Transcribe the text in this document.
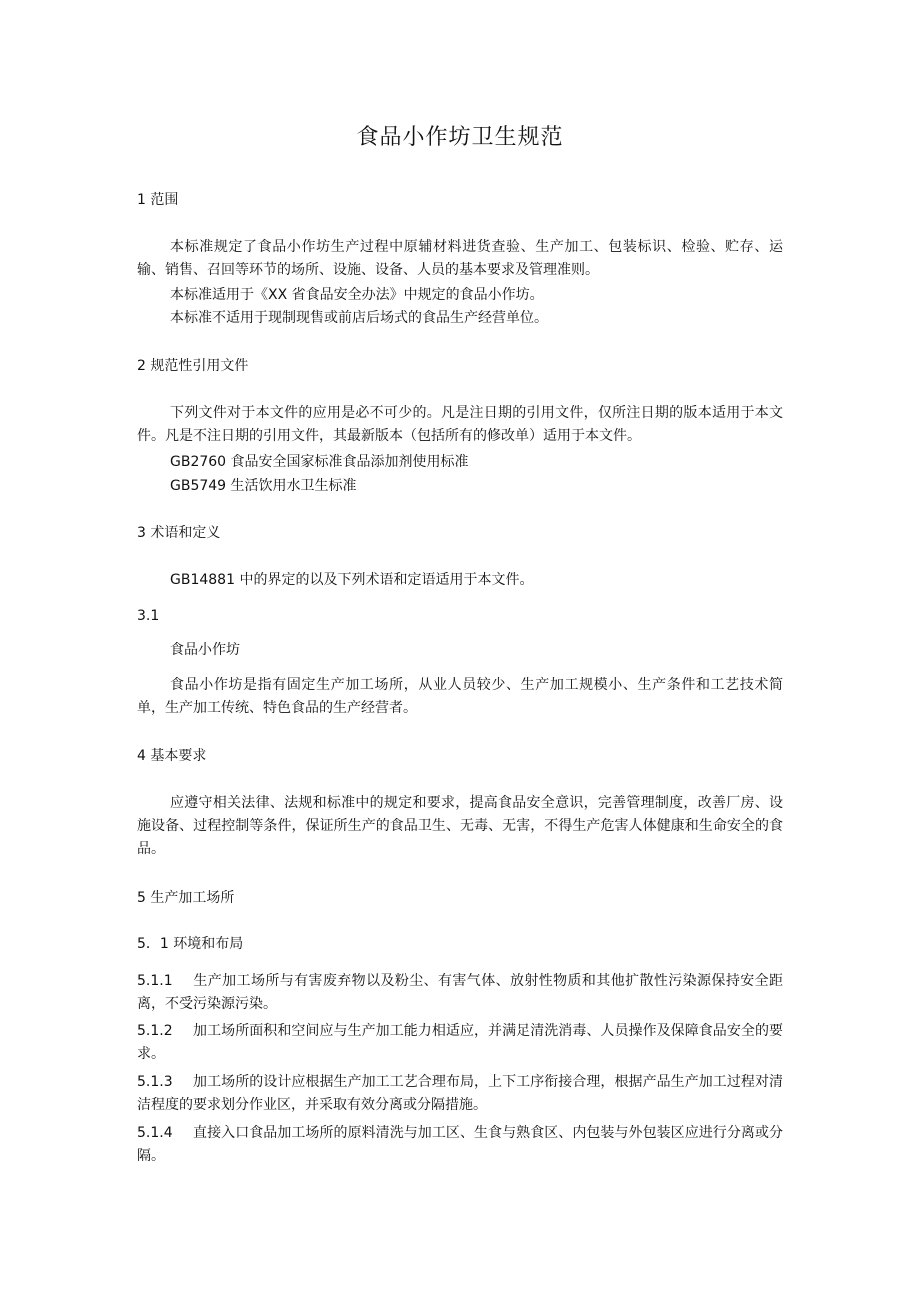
食品小作坊卫生规范
1 范围
本标准规定了食品小作坊生产过程中原辅材料进货查验、生产加工、包装标识、检验、贮存、运输、销售、召回等环节的场所、设施、设备、人员的基本要求及管理准则。
本标准适用于《XX 省食品安全办法》中规定的食品小作坊。
本标准不适用于现制现售或前店后场式的食品生产经营单位。
2 规范性引用文件
下列文件对于本文件的应用是必不可少的。凡是注日期的引用文件，仅所注日期的版本适用于本文件。凡是不注日期的引用文件，其最新版本（包括所有的修改单）适用于本文件。
GB2760 食品安全国家标准食品添加剂使用标准
GB5749 生活饮用水卫生标准
3 术语和定义
GB14881 中的界定的以及下列术语和定语适用于本文件。
3.1
食品小作坊
食品小作坊是指有固定生产加工场所，从业人员较少、生产加工规模小、生产条件和工艺技术简单，生产加工传统、特色食品的生产经营者。
4 基本要求
应遵守相关法律、法规和标准中的规定和要求，提高食品安全意识，完善管理制度，改善厂房、设施设备、过程控制等条件，保证所生产的食品卫生、无毒、无害，不得生产危害人体健康和生命安全的食品。
5 生产加工场所
5．1 环境和布局
5.1.1 生产加工场所与有害废弃物以及粉尘、有害气体、放射性物质和其他扩散性污染源保持安全距离，不受污染源污染。
5.1.2 加工场所面积和空间应与生产加工能力相适应，并满足清洗消毒、人员操作及保障食品安全的要求。
5.1.3 加工场所的设计应根据生产加工工艺合理布局，上下工序衔接合理，根据产品生产加工过程对清洁程度的要求划分作业区，并采取有效分离或分隔措施。
5.1.4 直接入口食品加工场所的原料清洗与加工区、生食与熟食区、内包装与外包装区应进行分离或分隔。
